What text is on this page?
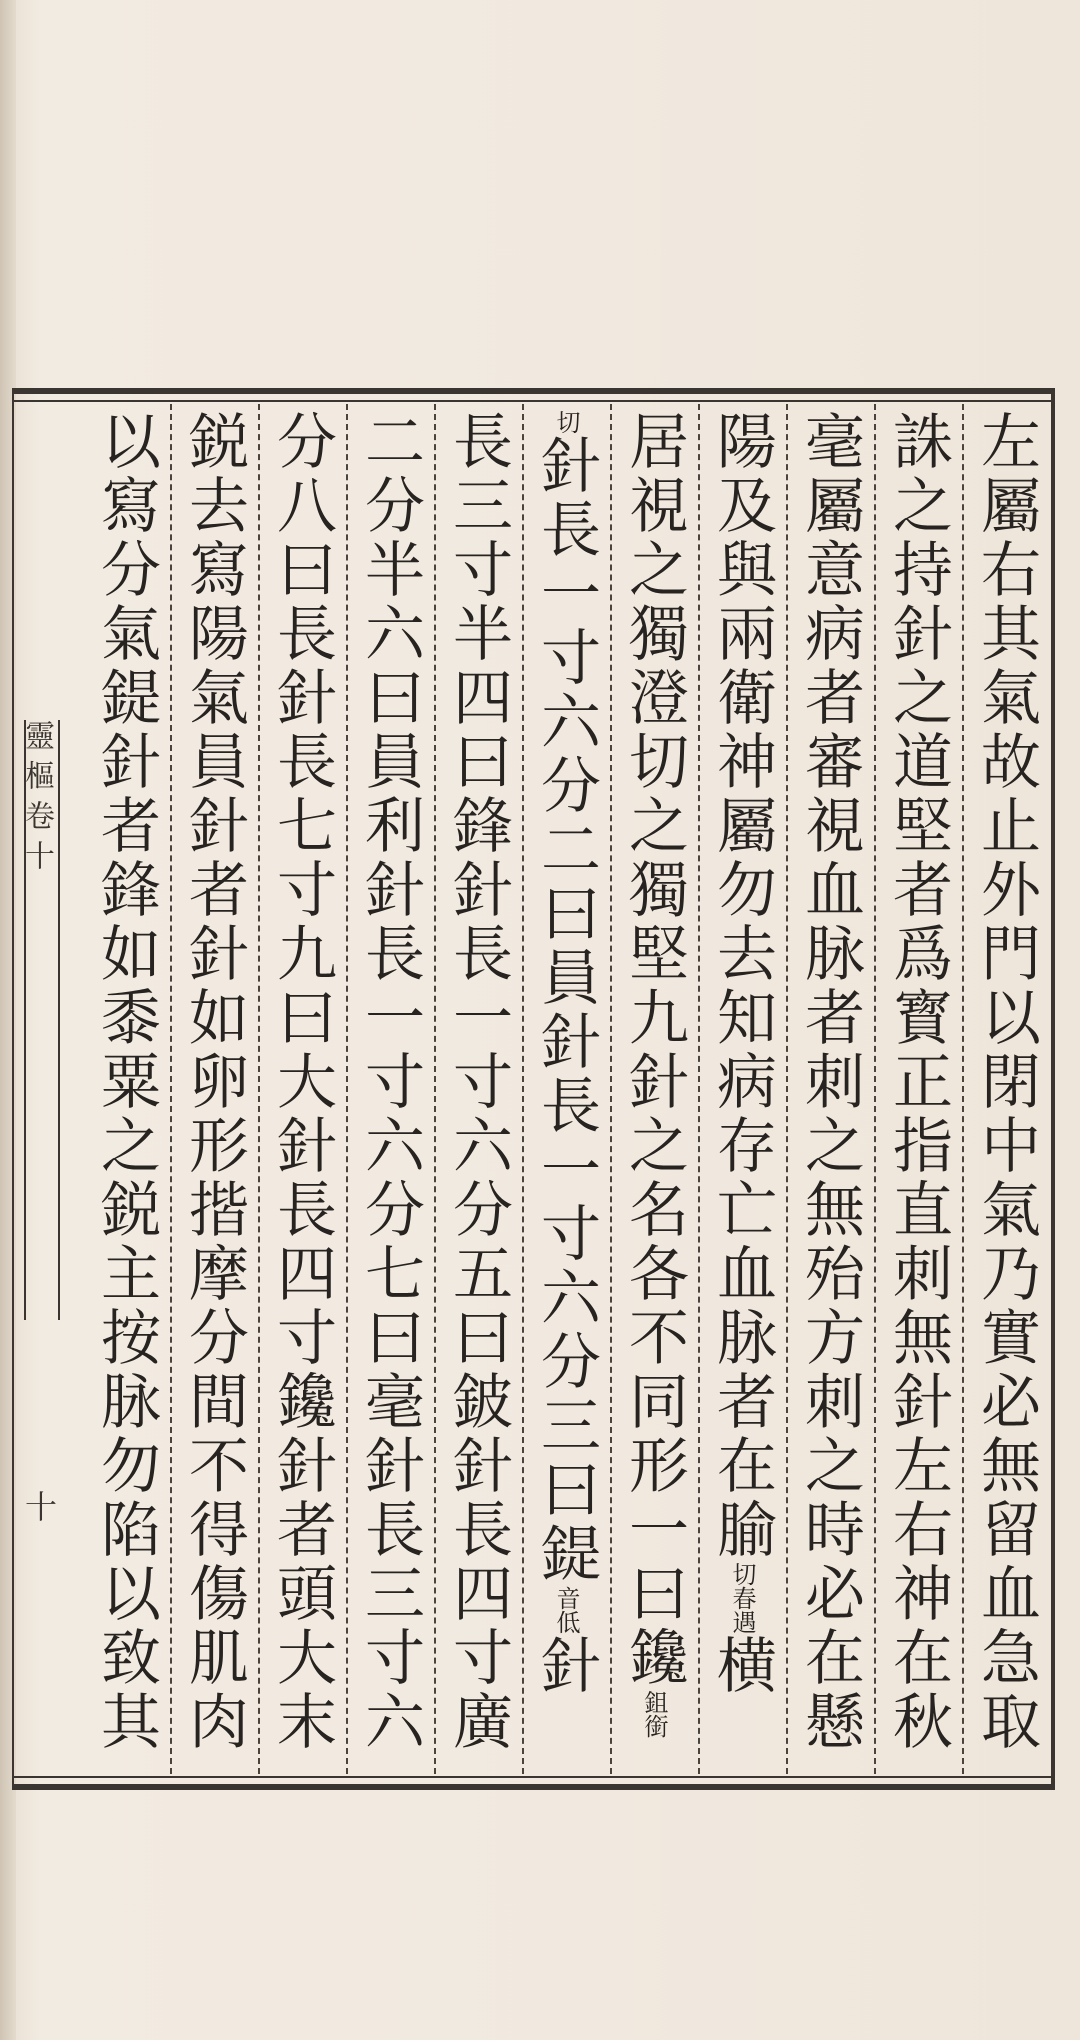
靈樞卷十
十	左屬右其氣故止外門以閉中氣乃實必無留血急取
誅之持針之道堅者爲寳正指直刺無針左右神在秋
毫屬意病者審視血脉者刺之無殆方刺之時必在懸
陽及與兩衛神屬勿去知病存亡血脉者在腧切春遇横
居視之獨澄切之獨堅九針之名各不同形一曰鑱鉏銜
切針長一寸六分二曰員針長一寸六分三曰鍉音低針
長三寸半四曰鋒針長一寸六分五曰鈹針長四寸廣
二分半六曰員利針長一寸六分七曰毫針長三寸六
分八曰長針長七寸九曰大針長四寸鑱針者頭大末
鋭去寫陽氣員針者針如卵形揩摩分間不得傷肌肉
以寫分氣鍉針者鋒如黍粟之鋭主按脉勿陷以致其
